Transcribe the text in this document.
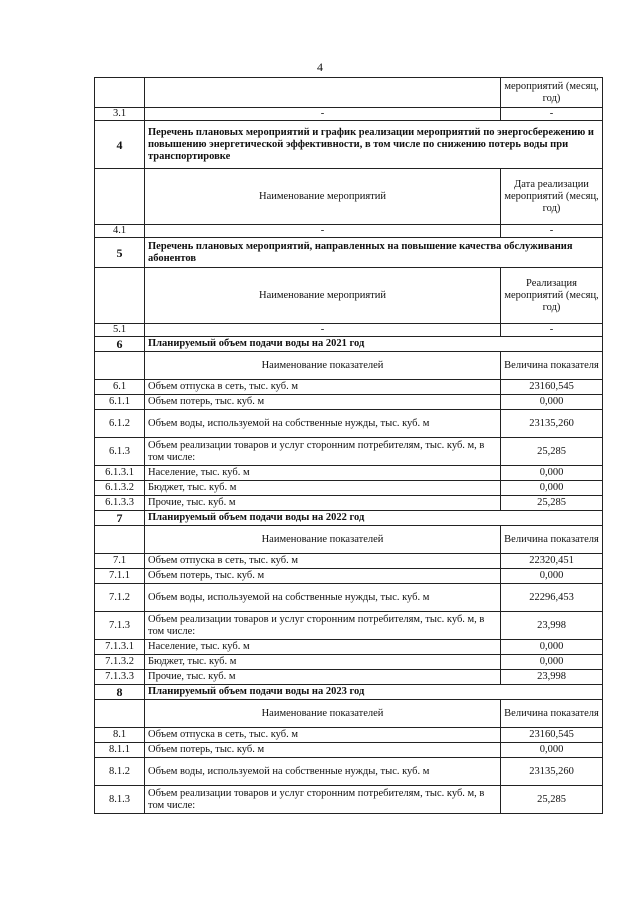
4
		мероприятий (месяц, год)
3.1	-	-
4	Перечень плановых мероприятий и график реализации мероприятий по энергосбережению и повышению энергетической эффективности, в том числе по снижению потерь воды при транспортировке	
	Наименование мероприятий	Дата реализации мероприятий (месяц, год)
4.1	-	-
5	Перечень плановых мероприятий, направленных на повышение качества обслуживания абонентов	
	Наименование мероприятий	Реализация мероприятий (месяц, год)
5.1	-	-
6	Планируемый объем подачи воды на 2021 год	
	Наименование показателей	Величина показателя
6.1	Объем отпуска в сеть, тыс. куб. м	23160,545
6.1.1	Объем потерь, тыс. куб. м	0,000
6.1.2	Объем воды, используемой на собственные нужды, тыс. куб. м	23135,260
6.1.3	Объем реализации товаров и услуг сторонним потребителям, тыс. куб. м, в том числе:	25,285
6.1.3.1	Население, тыс. куб. м	0,000
6.1.3.2	Бюджет, тыс. куб. м	0,000
6.1.3.3	Прочие, тыс. куб. м	25,285
7	Планируемый объем подачи воды на 2022 год	
	Наименование показателей	Величина показателя
7.1	Объем отпуска в сеть, тыс. куб. м	22320,451
7.1.1	Объем потерь, тыс. куб. м	0,000
7.1.2	Объем воды, используемой на собственные нужды, тыс. куб. м	22296,453
7.1.3	Объем реализации товаров и услуг сторонним потребителям, тыс. куб. м, в том числе:	23,998
7.1.3.1	Население, тыс. куб. м	0,000
7.1.3.2	Бюджет, тыс. куб. м	0,000
7.1.3.3	Прочие, тыс. куб. м	23,998
8	Планируемый объем подачи воды на 2023 год	
	Наименование показателей	Величина показателя
8.1	Объем отпуска в сеть, тыс. куб. м	23160,545
8.1.1	Объем потерь, тыс. куб. м	0,000
8.1.2	Объем воды, используемой на собственные нужды, тыс. куб. м	23135,260
8.1.3	Объем реализации товаров и услуг сторонним потребителям, тыс. куб. м, в том числе:	25,285
